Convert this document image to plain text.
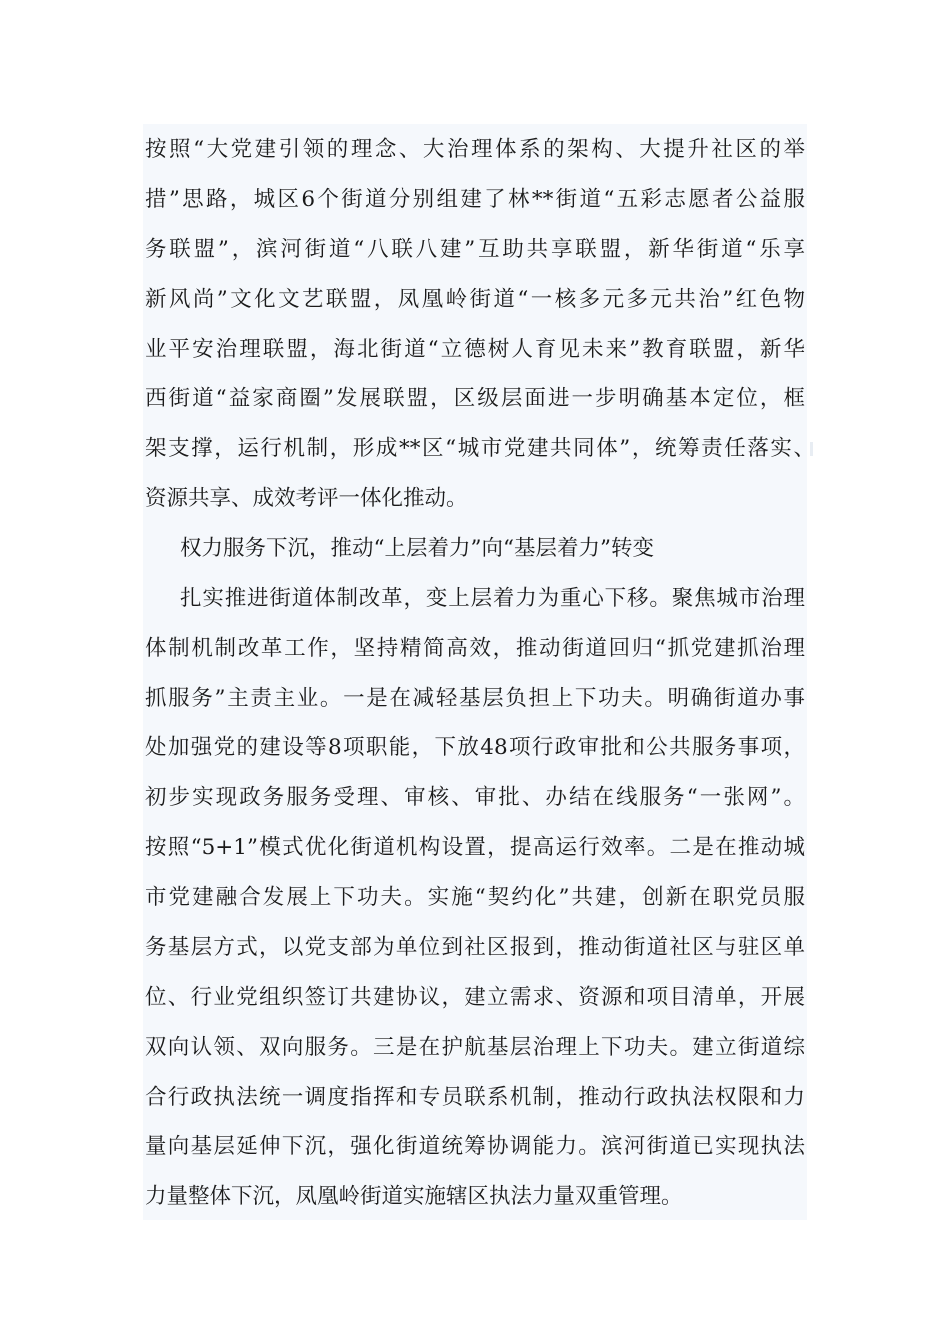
按照“大党建引领的理念、大治理体系的架构、大提升社区的举
措”思路，城区6个街道分别组建了林**街道“五彩志愿者公益服
务联盟”，滨河街道“八联八建”互助共享联盟，新华街道“乐享
新风尚”文化文艺联盟，凤凰岭街道“一核多元多元共治”红色物
业平安治理联盟，海北街道“立德树人育见未来”教育联盟，新华
西街道“益家商圈”发展联盟，区级层面进一步明确基本定位，框
架支撑，运行机制，形成**区“城市党建共同体”，统筹责任落实、
资源共享、成效考评一体化推动。
权力服务下沉，推动“上层着力”向“基层着力”转变
扎实推进街道体制改革，变上层着力为重心下移。聚焦城市治理
体制机制改革工作，坚持精简高效，推动街道回归“抓党建抓治理
抓服务”主责主业。一是在减轻基层负担上下功夫。明确街道办事
处加强党的建设等8项职能，下放48项行政审批和公共服务事项，
初步实现政务服务受理、审核、审批、办结在线服务“一张网”。
按照“5+1”模式优化街道机构设置，提高运行效率。二是在推动城
市党建融合发展上下功夫。实施“契约化”共建，创新在职党员服
务基层方式，以党支部为单位到社区报到，推动街道社区与驻区单
位、行业党组织签订共建协议，建立需求、资源和项目清单，开展
双向认领、双向服务。三是在护航基层治理上下功夫。建立街道综
合行政执法统一调度指挥和专员联系机制，推动行政执法权限和力
量向基层延伸下沉，强化街道统筹协调能力。滨河街道已实现执法
力量整体下沉，凤凰岭街道实施辖区执法力量双重管理。
